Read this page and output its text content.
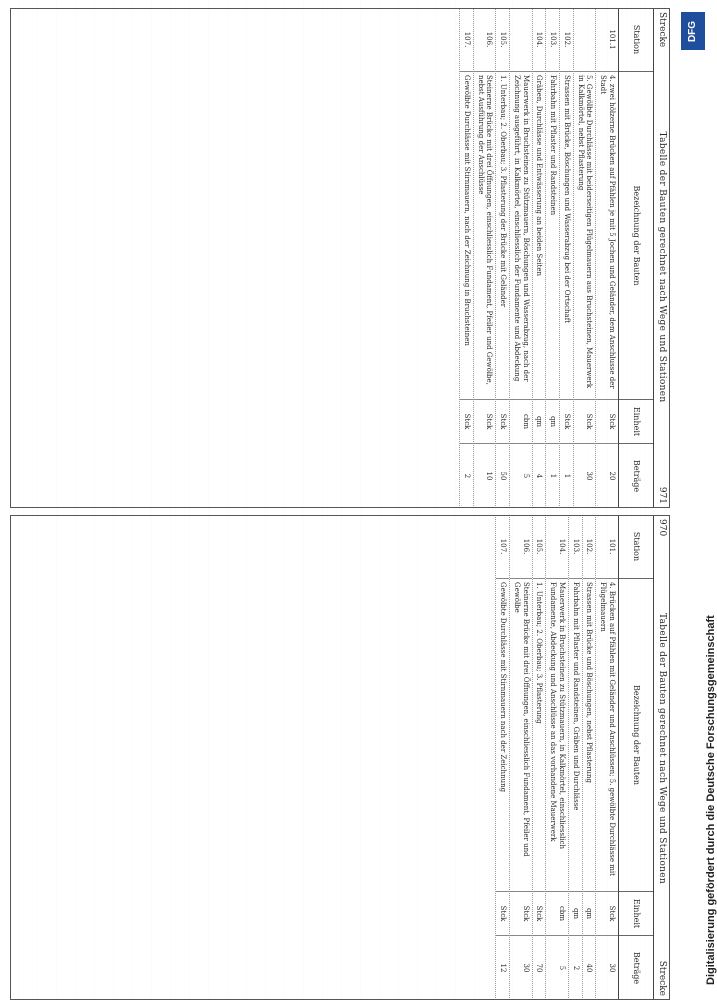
Strecke
Tabelle der Bauten gerechnet nach Wege und Stationen
971
Station
Bezeichnung der Bauten
Einheit
Beträge
101.1
4. zwei hölzerne Brücken auf Pfählen je mit 5 Jochen und Geländer, dem Anschlusse der Stadt
Stck
20
5. Gewölbte Durchlässe mit beiderseitigen Flügelmauern aus Bruchsteinen, Mauerwerk in Kalkmörtel, nebst Pflasterung
Stck
30
102.
Strassen mit Brücke, Böschungen und Wasserabzug bei der Ortschaft
Stck
1
103.
Fahrbahn mit Pflaster und Randsteinen
qm
1
104.
Gräben, Durchlässe und Entwässerung an beiden Seiten
qm
4
Mauerwerk in Bruchsteinen zu Stützmauern, Böschungen und Wasserabzug, nach der Zeichnung ausgeführt, in Kalkmörtel, einschliesslich der Fundamente und Abdeckung
cbm
5
105.
1. Unterbau; 2. Oberbau; 3. Pflasterung der Brücke mit Geländer
Stck
50
106.
Steinerne Brücke mit drei Öffnungen, einschliesslich Fundament, Pfeiler und Gewölbe, nebst Ausführung der Anschlüsse
Stck
10
107.
Gewölbte Durchlässe mit Stirnmauern, nach der Zeichnung in Bruchsteinen
Stck
2
970
Tabelle der Bauten gerechnet nach Wege und Stationen
Strecke
Station
Bezeichnung der Bauten
Einheit
Beträge
101.
4. Brücken auf Pfählen mit Geländer und Anschlüssen; 5. gewölbte Durchlässe mit Flügelmauern
Stck
30
102.
Strassen mit Brücke und Böschungen, nebst Pflasterung
qm
40
103.
Fahrbahn mit Pflaster und Randsteinen, Gräben und Durchlässe
qm
2
104.
Mauerwerk in Bruchsteinen zu Stützmauern, in Kalkmörtel, einschliesslich Fundamente, Abdeckung und Anschlüsse an das vorhandene Mauerwerk
cbm
5
105.
1. Unterbau; 2. Oberbau; 3. Pflasterung
Stck
70
106.
Steinerne Brücke mit drei Öffnungen, einschliesslich Fundament, Pfeiler und Gewölbe
Stck
30
107.
Gewölbte Durchlässe mit Stirnmauern nach der Zeichnung
Stck
12
DFG
Digitalisierung gefördert durch die Deutsche Forschungsgemeinschaft
